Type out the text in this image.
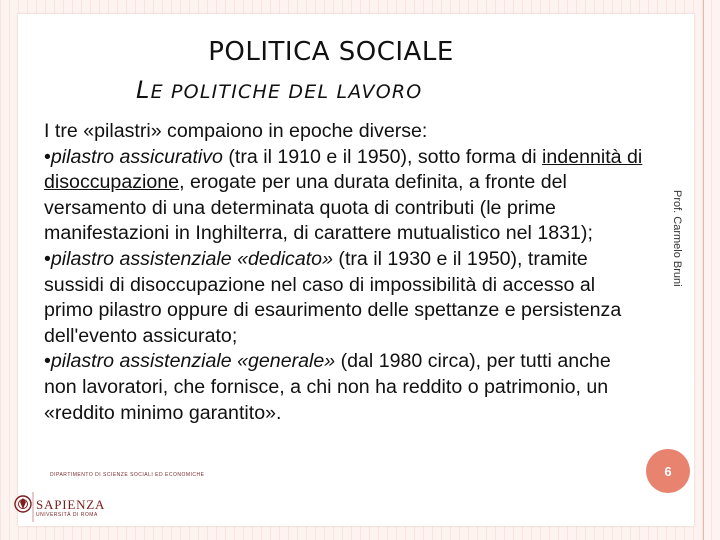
POLITICA SOCIALE
LE POLITICHE DEL LAVORO

I tre «pilastri» compaiono in epoche diverse:

•pilastro assicurativo (tra il 1910 e il 1950), sotto forma di indennità di disoccupazione, erogate per una durata definita, a fronte del versamento di una determinata quota di contributi (le prime manifestazioni in Inghilterra, di carattere mutualistico nel 1831);

•pilastro assistenziale «dedicato» (tra il 1930 e il 1950), tramite sussidi di disoccupazione nel caso di impossibilità di accesso al primo pilastro oppure di esaurimento delle spettanze e persistenza dell'evento assicurato;

•pilastro assistenziale «generale» (dal 1980 circa), per tutti anche non lavoratori, che fornisce, a chi non ha reddito o patrimonio, un «reddito minimo garantito».

Prof. Carmelo Bruni
6
DIPARTIMENTO DI SCIENZE SOCIALI ED ECONOMICHE
SAPIENZA
UNIVERSITÀ DI ROMA
